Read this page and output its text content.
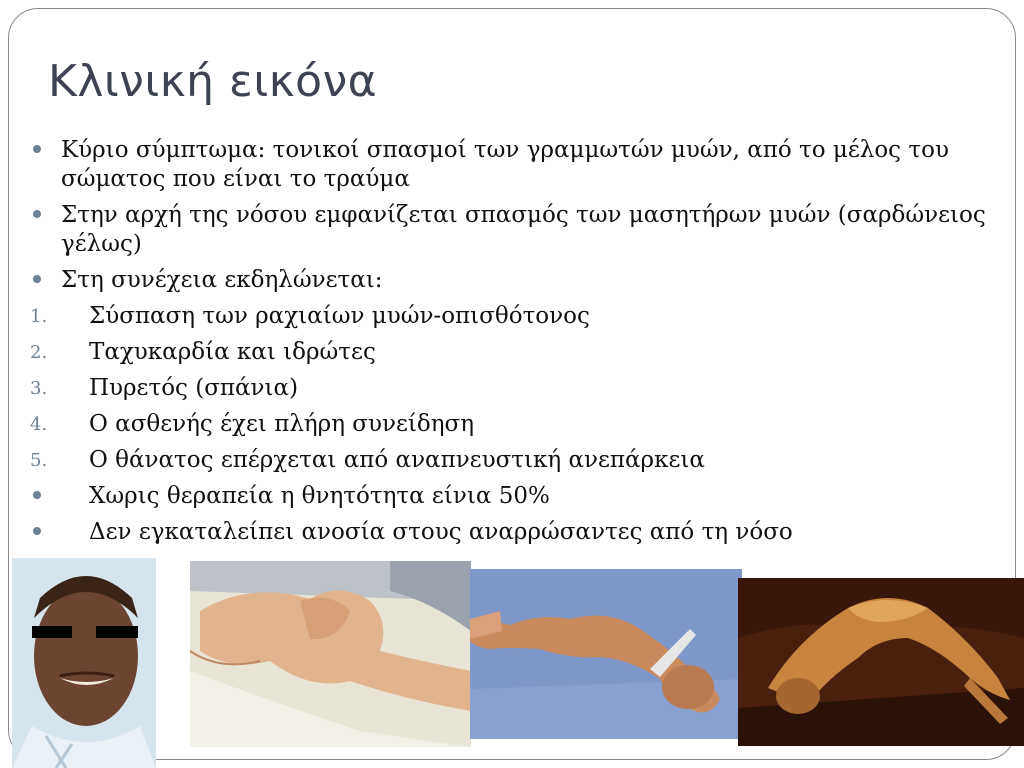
Κλινική εικόνα
Κύριο σύμπτωμα: τονικοί σπασμοί των γραμμωτών μυών, από το μέλος του σώματος που είναι το τραύμα
Στην αρχή της νόσου εμφανίζεται σπασμός των μασητήρων μυών (σαρδώνειος γέλως)
Στη συνέχεια εκδηλώνεται:
1.	Σύσπαση των ραχιαίων μυών-οπισθότονος
2.	Ταχυκαρδία και ιδρώτες
3.	Πυρετός (σπάνια)
4.	Ο ασθενής έχει πλήρη συνείδηση
5.	Ο θάνατος επέρχεται από αναπνευστική ανεπάρκεια
Χωρις θεραπεία η θνητότητα είνια 50%
Δεν εγκαταλείπει ανοσία στους αναρρώσαντες από τη νόσο
